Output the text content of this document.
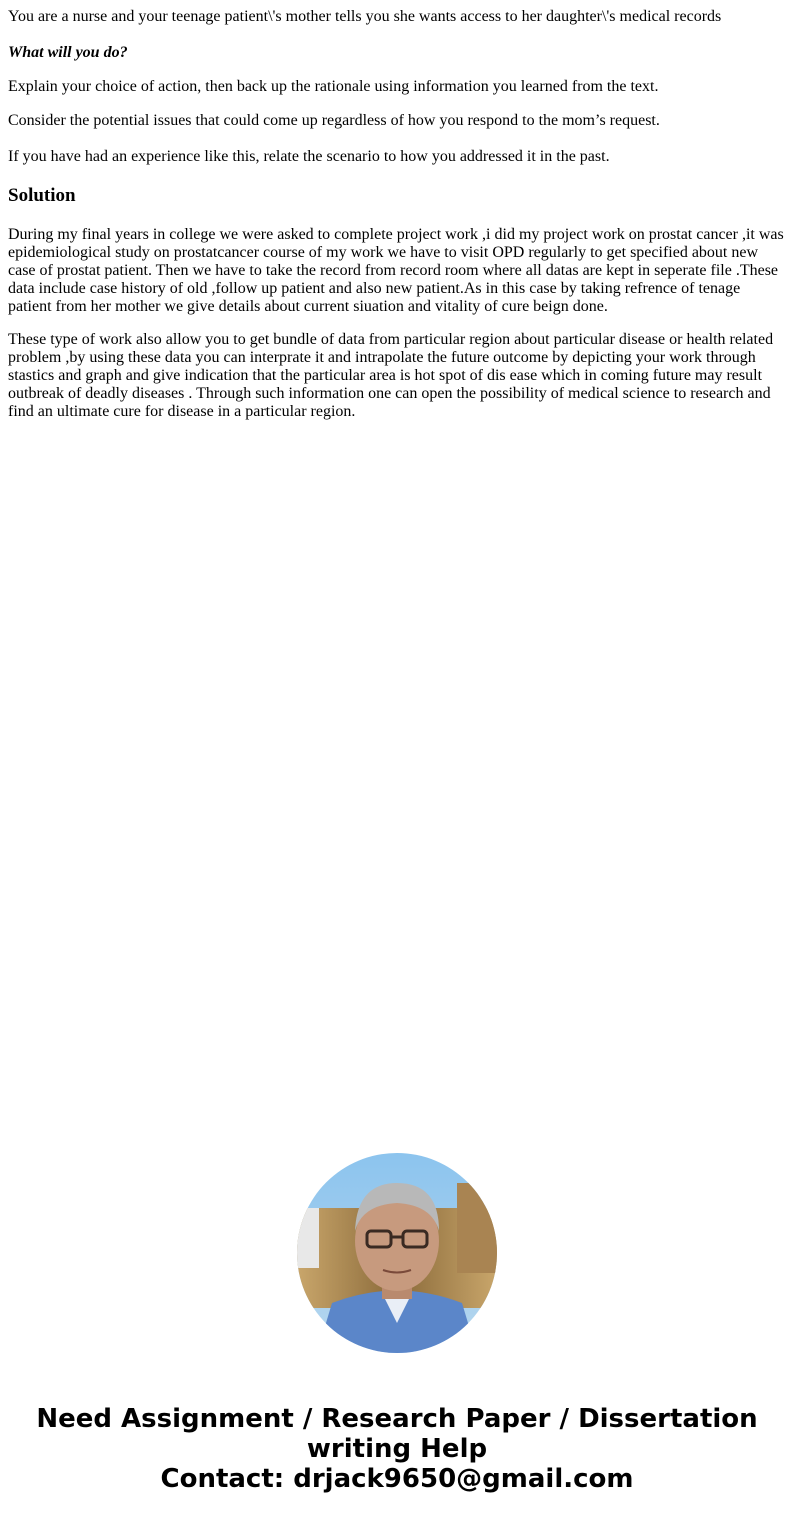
You are a nurse and your teenage patient\'s mother tells you she wants access to her daughter\'s medical records

What will you do?

Explain your choice of action, then back up the rationale using information you learned from the text.

Consider the potential issues that could come up regardless of how you respond to the mom’s request.

If you have had an experience like this, relate the scenario to how you addressed it in the past.

Solution

During my final years in college we were asked to complete project work ,i did my project work on prostat cancer ,it was epidemiological study on prostatcancer course of my work we have to visit OPD regularly to get specified about new case of prostat patient. Then we have to take the record from record room where all datas are kept in seperate file .These data include case history of old ,follow up patient and also new patient.As in this case by taking refrence of tenage patient from her mother we give details about current siuation and vitality of cure beign done.

These type of work also allow you to get bundle of data from particular region about particular disease or health related problem ,by using these data you can interprate it and intrapolate the future outcome by depicting your work through stastics and graph and give indication that the particular area is hot spot of dis ease which in coming future may result outbreak of deadly diseases . Through such information one can open the possibility of medical science to research and find an ultimate cure for disease in a particular region.

Need Assignment / Research Paper / Dissertation
writing Help
Contact: drjack9650@gmail.com
